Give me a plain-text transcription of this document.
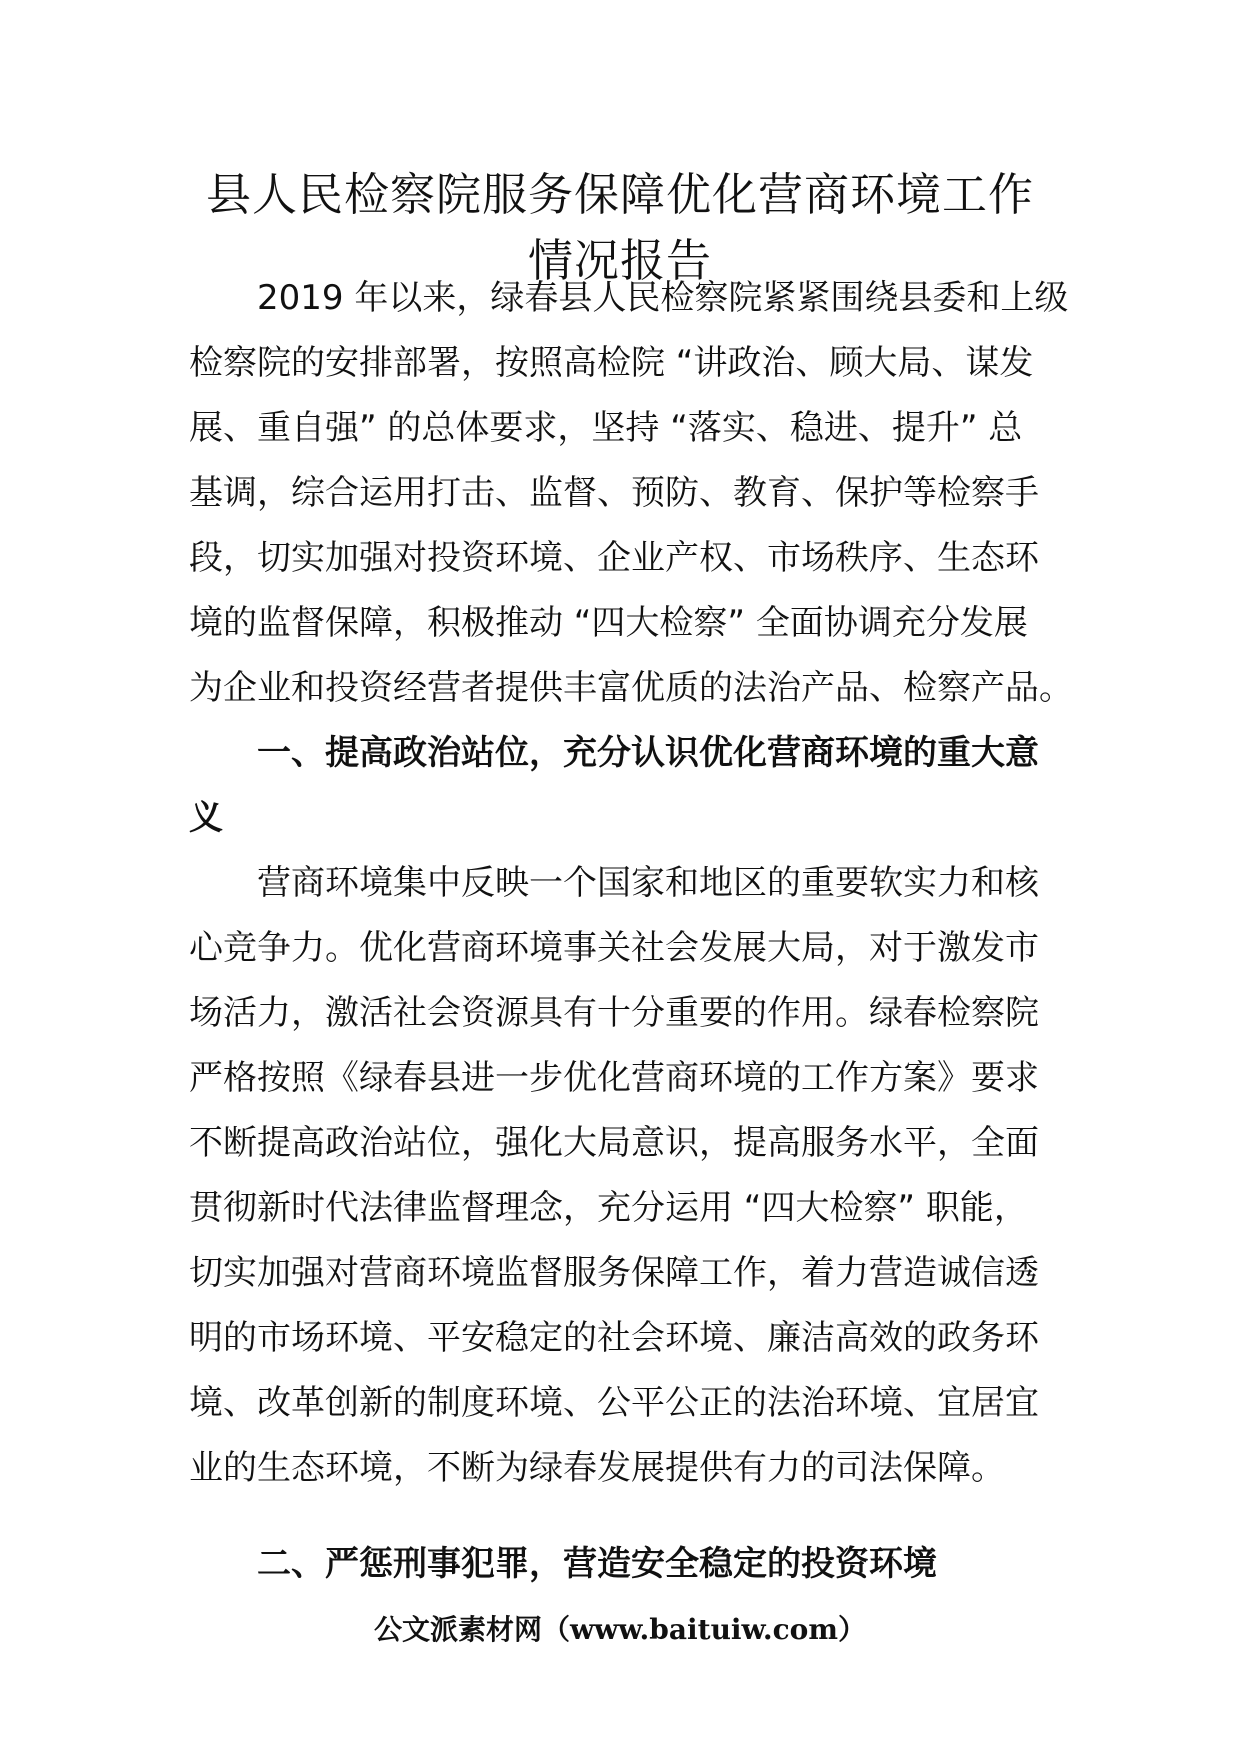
县人民检察院服务保障优化营商环境工作
情况报告
2019 年以来，绿春县人民检察院紧紧围绕县委和上级
检察院的安排部署，按照高检院 “讲政治、顾大局、谋发
展、重自强” 的总体要求，坚持 “落实、稳进、提升” 总
基调，综合运用打击、监督、预防、教育、保护等检察手
段，切实加强对投资环境、企业产权、市场秩序、生态环
境的监督保障，积极推动 “四大检察” 全面协调充分发展
为企业和投资经营者提供丰富优质的法治产品、检察产品。
一、提高政治站位，充分认识优化营商环境的重大意
义
营商环境集中反映一个国家和地区的重要软实力和核
心竞争力。优化营商环境事关社会发展大局，对于激发市
场活力，激活社会资源具有十分重要的作用。绿春检察院
严格按照《绿春县进一步优化营商环境的工作方案》要求
不断提高政治站位，强化大局意识，提高服务水平，全面
贯彻新时代法律监督理念，充分运用 “四大检察” 职能，
切实加强对营商环境监督服务保障工作，着力营造诚信透
明的市场环境、平安稳定的社会环境、廉洁高效的政务环
境、改革创新的制度环境、公平公正的法治环境、宜居宜
业的生态环境，不断为绿春发展提供有力的司法保障。
二、严惩刑事犯罪，营造安全稳定的投资环境
公文派素材网（www.baituiw.com）
